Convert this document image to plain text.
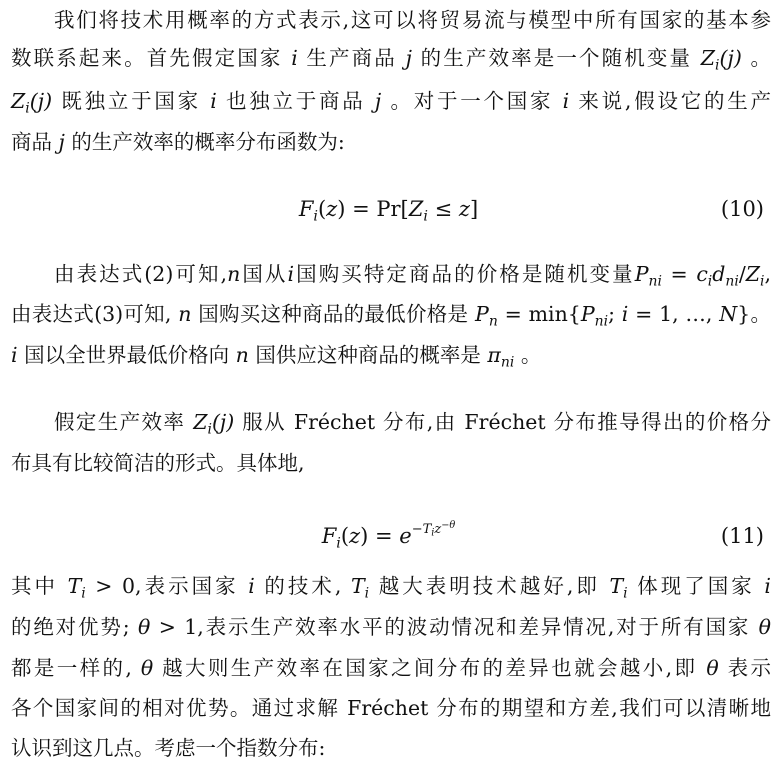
我们将技术用概率的方式表示,这可以将贸易流与模型中所有国家的基本参
数联系起来。首先假定国家 i 生产商品 j 的生产效率是一个随机变量 $Z_i(j)$ 。
$Z_i(j)$ 既独立于国家 i 也独立于商品 j 。对于一个国家 i 来说,假设它的生产
商品 j 的生产效率的概率分布函数为:
$F_i(z) = Pr[Z_i \le z]$	(10)
由表达式(2)可知,n国从i国购买特定商品的价格是随机变量$P_{ni} = c_id_{ni}/Z_i$,
由表达式(3)可知, n 国购买这种商品的最低价格是 $P_n = \min\{P_{ni}$; i = 1, …, N}。
i 国以全世界最低价格向 n 国供应这种商品的概率是 $\pi_{ni}$ 。
假定生产效率 $Z_i(j)$ 服从 Fréchet 分布,由 Fréchet 分布推导得出的价格分
布具有比较简洁的形式。具体地,
$F_i(z) = e^{-Tiz^{-\theta}}$	(11)
其中 $T_i > 0$,表示国家 i 的技术, $T_i$ 越大表明技术越好,即 $T_i$ 体现了国家 i
的绝对优势; θ > 1,表示生产效率水平的波动情况和差异情况,对于所有国家 θ
都是一样的, θ 越大则生产效率在国家之间分布的差异也就会越小,即 θ 表示
各个国家间的相对优势。通过求解 Fréchet 分布的期望和方差,我们可以清晰地
认识到这几点。考虑一个指数分布:
